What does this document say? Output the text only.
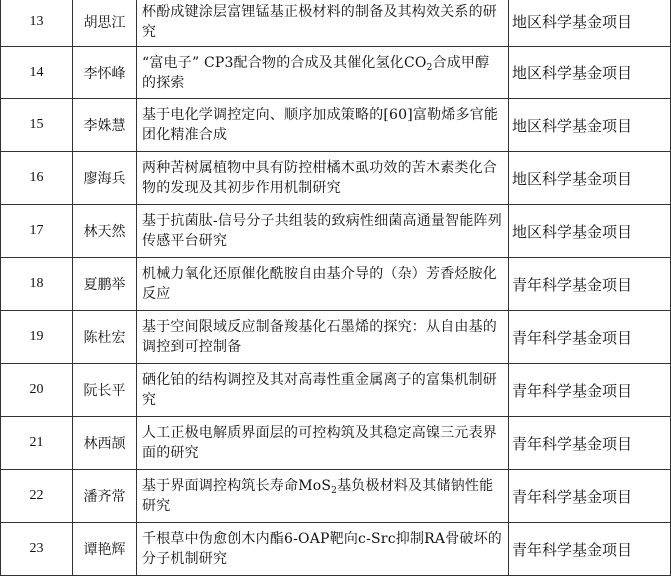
13	胡思江	杯酚成键涂层富锂锰基正极材料的制备及其构效关系的研究	地区科学基金项目
14	李怀峰	“富电子” CP3配合物的合成及其催化氢化$CO_2$合成甲醇的探索	地区科学基金项目
15	李姝慧	基于电化学调控定向、顺序加成策略的[60]富勒烯多官能团化精准合成	地区科学基金项目
16	廖海兵	两种苦树属植物中具有防控柑橘木虱功效的苦木素类化合物的发现及其初步作用机制研究	地区科学基金项目
17	林天然	基于抗菌肽-信号分子共组装的致病性细菌高通量智能阵列传感平台研究	地区科学基金项目
18	夏鹏举	机械力氧化还原催化酰胺自由基介导的（杂）芳香烃胺化反应	青年科学基金项目
19	陈杜宏	基于空间限域反应制备羧基化石墨烯的探究：从自由基的调控到可控制备	青年科学基金项目
20	阮长平	硒化铂的结构调控及其对高毒性重金属离子的富集机制研究	青年科学基金项目
21	林西颉	人工正极电解质界面层的可控构筑及其稳定高镍三元表界面的研究	青年科学基金项目
22	潘齐常	基于界面调控构筑长寿命MoS$_2$基负极材料及其储钠性能研究	青年科学基金项目
23	谭艳辉	千根草中伪愈创木内酯6-OAP靶向c-Src抑制RA骨破坏的分子机制研究	青年科学基金项目
